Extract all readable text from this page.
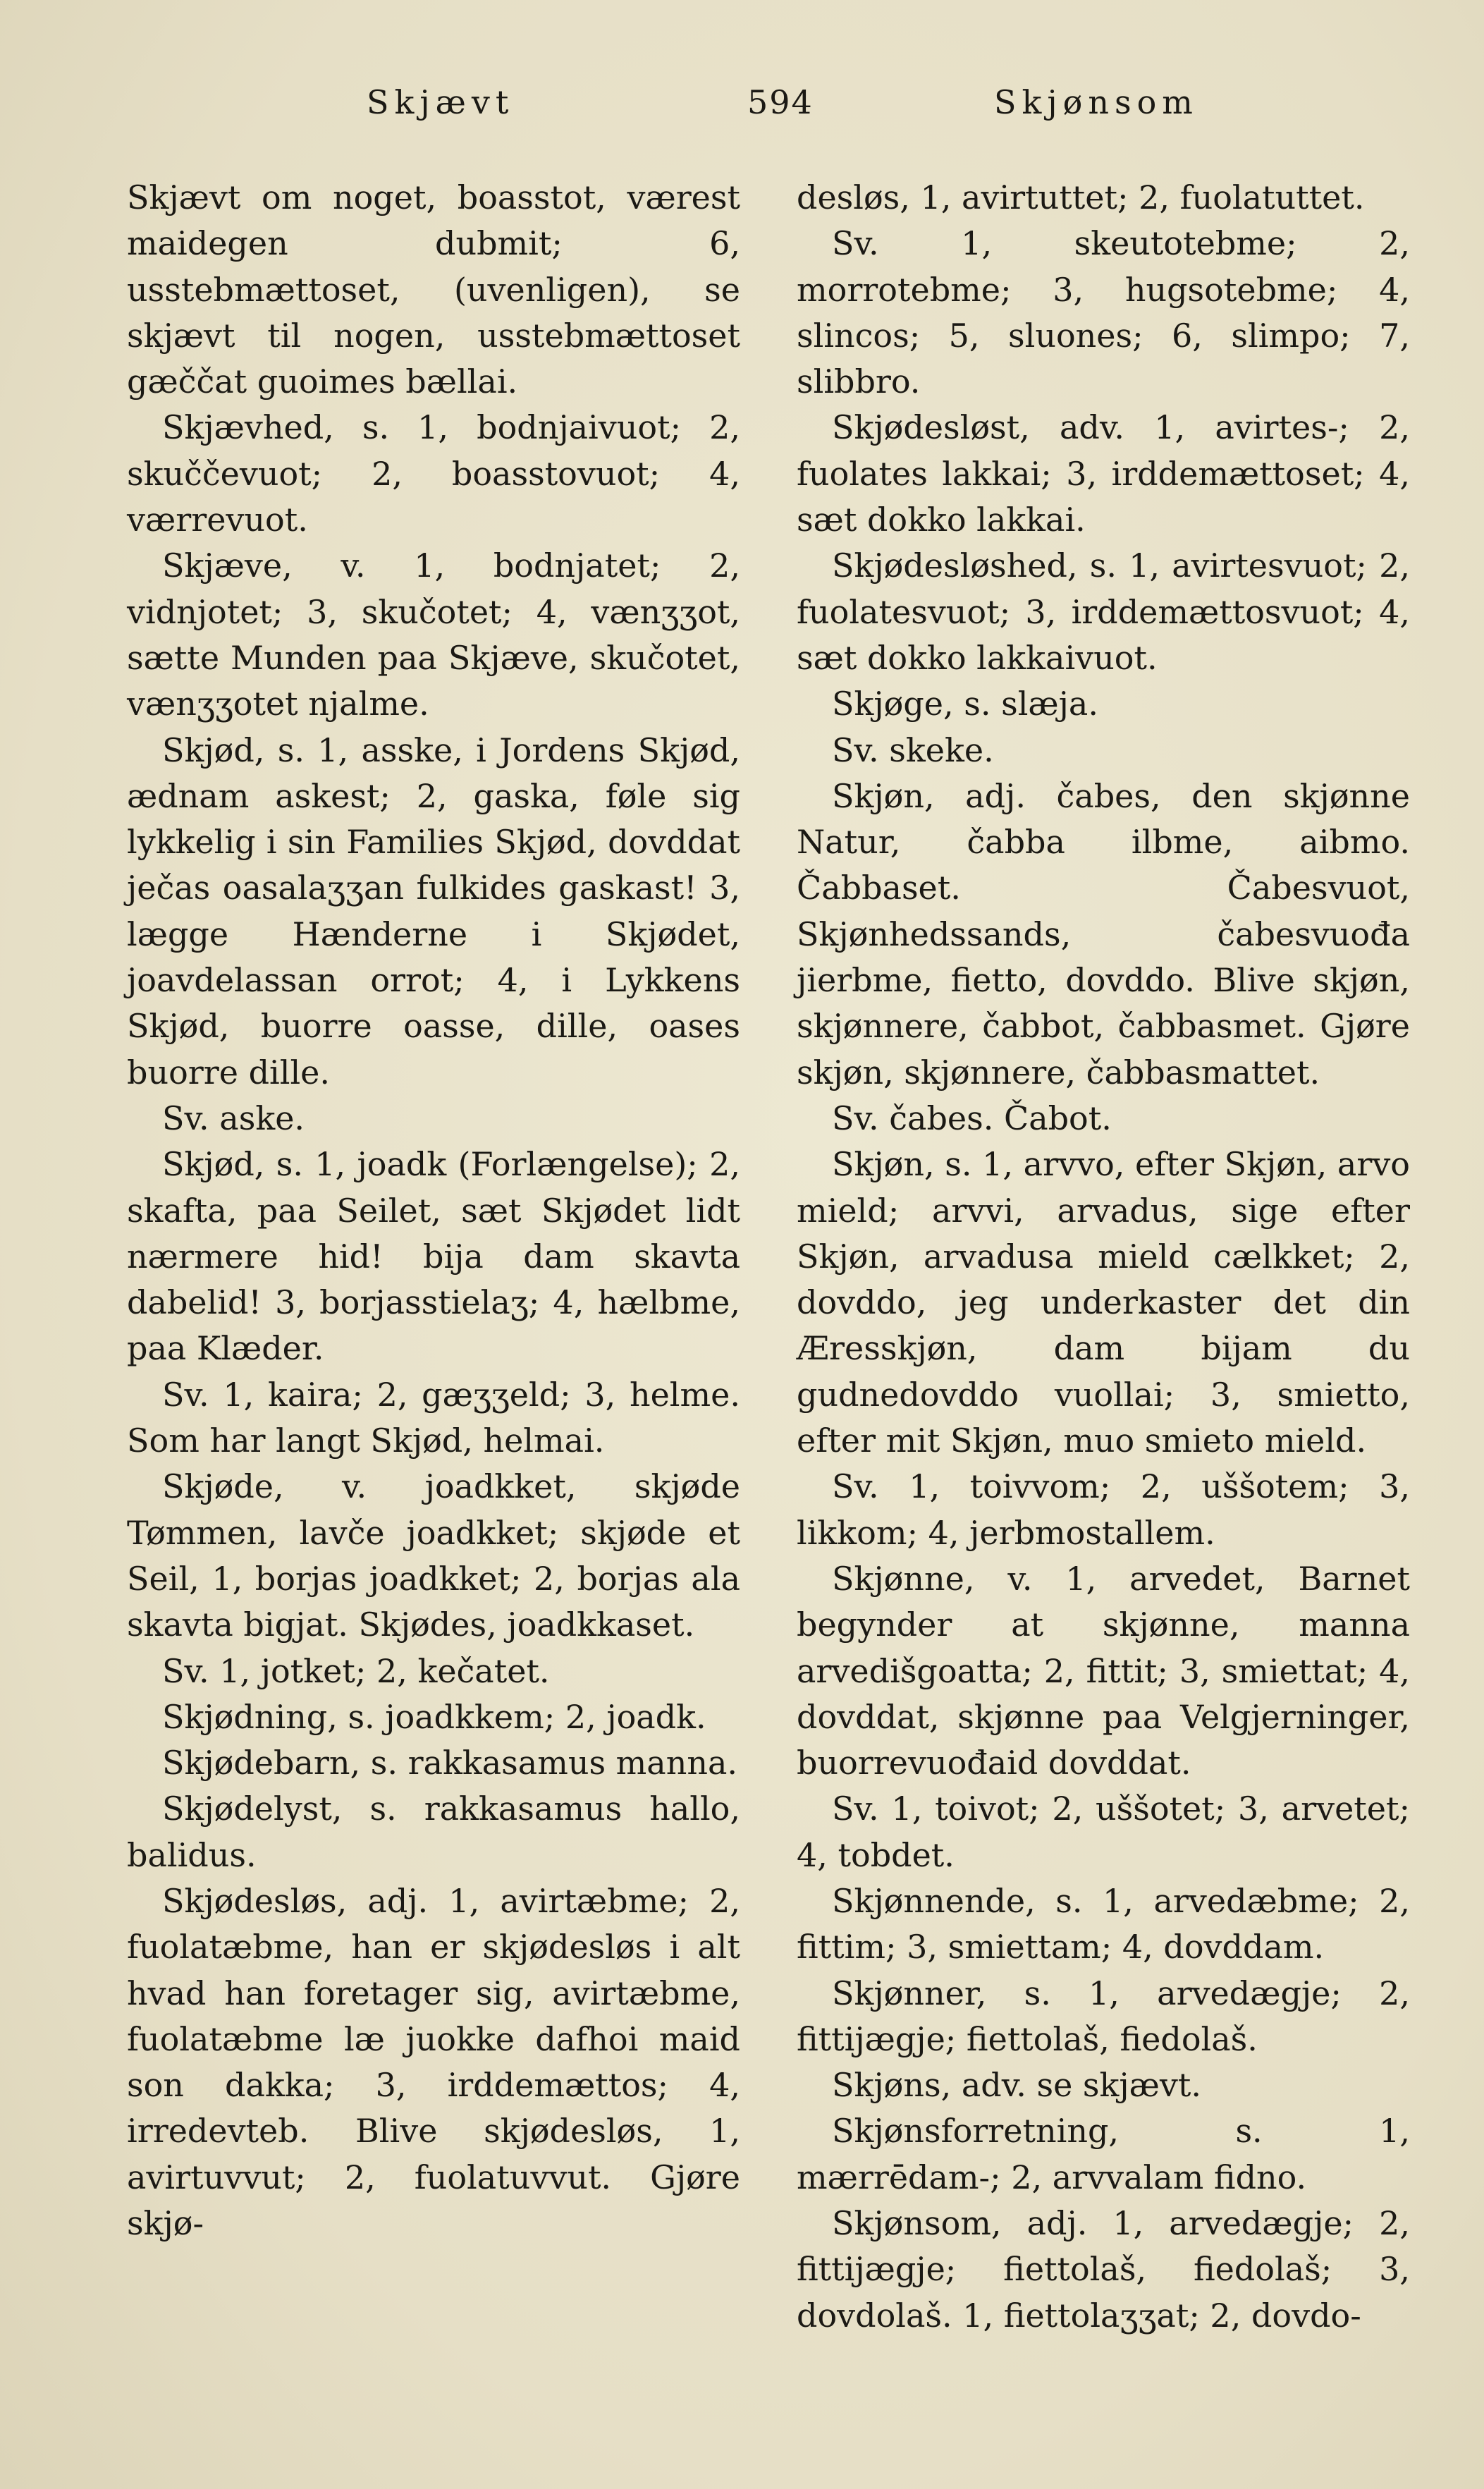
Skjævt	594	Skjønsom

Skjævt om noget, boasstot, værest maidegen dubmit; 6, usstebmættoset, (uvenligen), se skjævt til nogen, usstebmættoset gæččat guoimes bællai.

Skjævhed, s. 1, bodnjaivuot; 2, skuččevuot; 2, boasstovuot; 4, værrevuot.

Skjæve, v. 1, bodnjatet; 2, vidnjotet; 3, skučotet; 4, vænʒʒot, sætte Munden paa Skjæve, skučotet, vænʒʒotet njalme.

Skjød, s. 1, asske, i Jordens Skjød, ædnam askest; 2, gaska, føle sig lykkelig i sin Families Skjød, dovddat ječas oasalaʒʒan fulkides gaskast! 3, lægge Hænderne i Skjødet, joavdelassan orrot; 4, i Lykkens Skjød, buorre oasse, dille, oases buorre dille.

Sv. aske.

Skjød, s. 1, joadk (Forlængelse); 2, skafta, paa Seilet, sæt Skjødet lidt nærmere hid! bija dam skavta dabelid! 3, borjasstielaʒ; 4, hælbme, paa Klæder.

Sv. 1, kaira; 2, gæʒʒeld; 3, helme. Som har langt Skjød, helmai.

Skjøde, v. joadkket, skjøde Tømmen, lavče joadkket; skjøde et Seil, 1, borjas joadkket; 2, borjas ala skavta bigjat. Skjødes, joadkkaset.

Sv. 1, jotket; 2, kečatet.

Skjødning, s. joadkkem; 2, joadk.

Skjødebarn, s. rakkasamus manna.

Skjødelyst, s. rakkasamus hallo, balidus.

Skjødesløs, adj. 1, avirtæbme; 2, fuolatæbme, han er skjødesløs i alt hvad han foretager sig, avirtæbme, fuolatæbme læ juokke dafhoi maid son dakka; 3, irddemættos; 4, irredevteb. Blive skjødesløs, 1, avirtuvvut; 2, fuolatuvvut. Gjøre skjø-

desløs, 1, avirtuttet; 2, fuolatuttet.

Sv. 1, skeutotebme; 2, morrotebme; 3, hugsotebme; 4, slincos; 5, sluones; 6, slimpo; 7, slibbro.

Skjødesløst, adv. 1, avirtes-; 2, fuolates lakkai; 3, irddemættoset; 4, sæt dokko lakkai.

Skjødesløshed, s. 1, avirtesvuot; 2, fuolatesvuot; 3, irddemættosvuot; 4, sæt dokko lakkaivuot.

Skjøge, s. slæja.

Sv. skeke.

Skjøn, adj. čabes, den skjønne Natur, čabba ilbme, aibmo. Čabbaset. Čabesvuot, Skjønhedssands, čabesvuođa jierbme, fietto, dovddo. Blive skjøn, skjønnere, čabbot, čabbasmet. Gjøre skjøn, skjønnere, čabbasmattet.

Sv. čabes. Čabot.

Skjøn, s. 1, arvvo, efter Skjøn, arvo mield; arvvi, arvadus, sige efter Skjøn, arvadusa mield cælkket; 2, dovddo, jeg underkaster det din Æresskjøn, dam bijam du gudnedovddo vuollai; 3, smietto, efter mit Skjøn, muo smieto mield.

Sv. 1, toivvom; 2, uššotem; 3, likkom; 4, jerbmostallem.

Skjønne, v. 1, arvedet, Barnet begynder at skjønne, manna arvedišgoatta; 2, fittit; 3, smiettat; 4, dovddat, skjønne paa Velgjerninger, buorrevuođaid dovddat.

Sv. 1, toivot; 2, uššotet; 3, arvetet; 4, tobdet.

Skjønnende, s. 1, arvedæbme; 2, fittim; 3, smiettam; 4, dovddam.

Skjønner, s. 1, arvedægje; 2, fittijægje; fiettolaš, fiedolaš.

Skjøns, adv. se skjævt.

Skjønsforretning, s. 1, mærrēdam-; 2, arvvalam fidno.

Skjønsom, adj. 1, arvedægje; 2, fittijægje; fiettolaš, fiedolaš; 3, dovdolaš. 1, fiettolaʒʒat; 2, dovdo-
